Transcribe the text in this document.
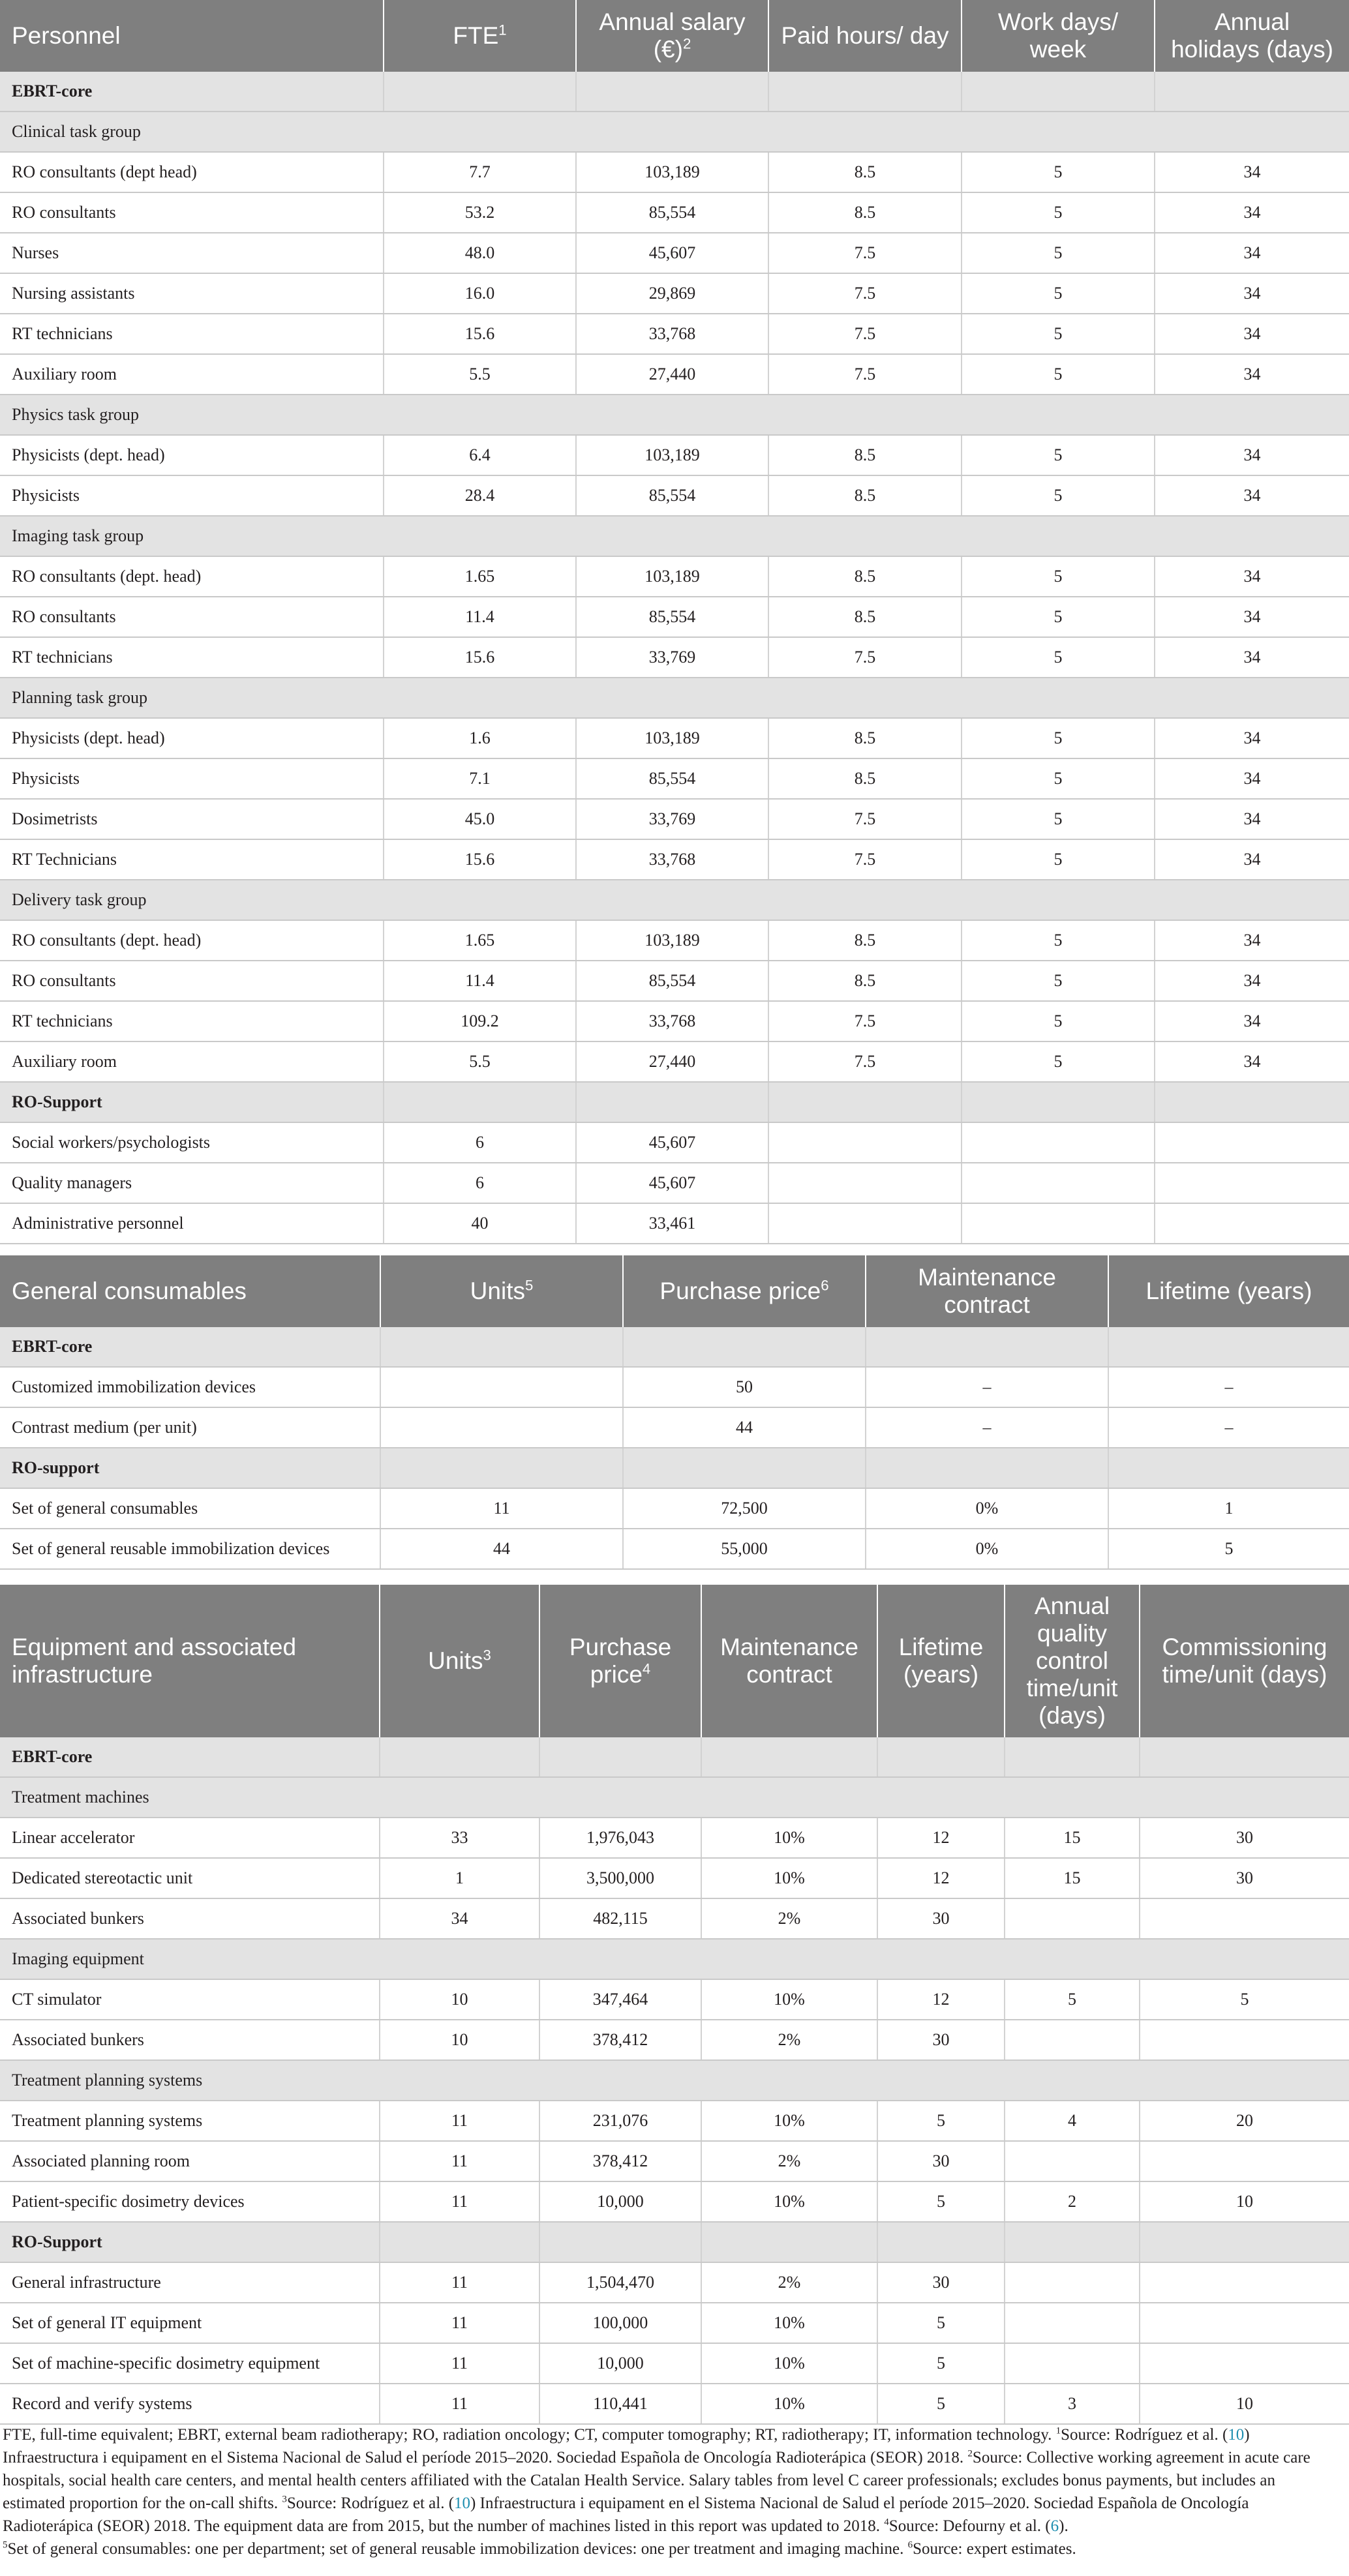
Personnel	FTE$^1$	Annual salary (€)$^2$	Paid hours/ day	Work days/ week	Annual holidays (days)
EBRT-core					
Clinical task group					
RO consultants (dept head)	7.7	103,189	8.5	5	34
RO consultants	53.2	85,554	8.5	5	34
Nurses	48.0	45,607	7.5	5	34
Nursing assistants	16.0	29,869	7.5	5	34
RT technicians	15.6	33,768	7.5	5	34
Auxiliary room	5.5	27,440	7.5	5	34
Physics task group					
Physicists (dept. head)	6.4	103,189	8.5	5	34
Physicists	28.4	85,554	8.5	5	34
Imaging task group					
RO consultants (dept. head)	1.65	103,189	8.5	5	34
RO consultants	11.4	85,554	8.5	5	34
RT technicians	15.6	33,769	7.5	5	34
Planning task group					
Physicists (dept. head)	1.6	103,189	8.5	5	34
Physicists	7.1	85,554	8.5	5	34
Dosimetrists	45.0	33,769	7.5	5	34
RT Technicians	15.6	33,768	7.5	5	34
Delivery task group					
RO consultants (dept. head)	1.65	103,189	8.5	5	34
RO consultants	11.4	85,554	8.5	5	34
RT technicians	109.2	33,768	7.5	5	34
Auxiliary room	5.5	27,440	7.5	5	34
RO-Support					
Social workers/psychologists	6	45,607			
Quality managers	6	45,607			
Administrative personnel	40	33,461			
General consumables	Units$^5$	Purchase price$^6$	Maintenance contract	Lifetime (years)
EBRT-core				
Customized immobilization devices		50	–	–
Contrast medium (per unit)		44	–	–
RO-support				
Set of general consumables	11	72,500	0%	1
Set of general reusable immobilization devices	44	55,000	0%	5
Equipment and associated infrastructure	Units$^3$	Purchase price$^4$	Maintenance contract	Lifetime (years)	Annual quality control time/unit (days)	Commissioning time/unit (days)
EBRT-core						
Treatment machines						
Linear accelerator	33	1,976,043	10%	12	15	30
Dedicated stereotactic unit	1	3,500,000	10%	12	15	30
Associated bunkers	34	482,115	2%	30		
Imaging equipment						
CT simulator	10	347,464	10%	12	5	5
Associated bunkers	10	378,412	2%	30		
Treatment planning systems						
Treatment planning systems	11	231,076	10%	5	4	20
Associated planning room	11	378,412	2%	30		
Patient-specific dosimetry devices	11	10,000	10%	5	2	10
RO-Support						
General infrastructure	11	1,504,470	2%	30		
Set of general IT equipment	11	100,000	10%	5		
Set of machine-specific dosimetry equipment	11	10,000	10%	5		
Record and verify systems	11	110,441	10%	5	3	10

FTE, full-time equivalent; EBRT, external beam radiotherapy; RO, radiation oncology; CT, computer tomography; RT, radiotherapy; IT, information technology. $^1$Source: Rodríguez et al. (10) Infraestructura i equipament en el Sistema Nacional de Salud el període 2015–2020. Sociedad Española de Oncología Radioterápica (SEOR) 2018. $^2$Source: Collective working agreement in acute care hospitals, social health care centers, and mental health centers affiliated with the Catalan Health Service. Salary tables from level C career professionals; excludes bonus payments, but includes an estimated proportion for the on-call shifts. $^3$Source: Rodríguez et al. (10) Infraestructura i equipament en el Sistema Nacional de Salud el període 2015–2020. Sociedad Española de Oncología Radioterápica (SEOR) 2018. The equipment data are from 2015, but the number of machines listed in this report was updated to 2018. $^4$Source: Defourny et al. (6).

$^5$Set of general consumables: one per department; set of general reusable immobilization devices: one per treatment and imaging machine. $^6$Source: expert estimates.
